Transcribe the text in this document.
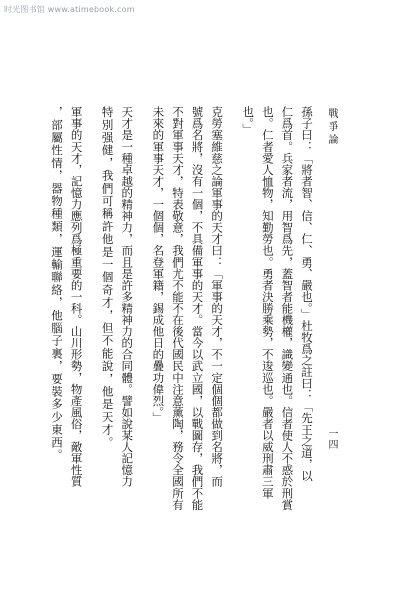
时光图书馆 www.atimebook.com
戰爭論
一四
孫子曰：「將者智、信、仁、勇、嚴也。」杜牧爲之註曰：「先王之道，以
仁爲首。兵家者流，用智爲先，蓋智者能機權，識變通也。信者使人不惑於刑賞
也。仁者愛人恤物，知勤勞也。勇者決勝乘勢，不逡巡也。嚴者以威刑肅三軍
也。」
克勞塞維慈之論軍事的天才曰：「軍事的天才，不一定個個都做到名將，而
號爲名將，沒有一個，不具備軍事的天才。當今以武立國，以戰圖存，我們不能
不對軍事天才，特表敬意，我們尤不能不在後代國民中注意薰陶，務令全國所有
未來的軍事天才，一個個，名登軍籍，錫成他日的疊功偉烈。」
天才是一種卓越的精神力，而且是許多精神力的合同體。譬如說某人記憶力
特別强健，我們可稱許他是一個奇才，但不能說，他是天才。
軍事的天才，記憶力應列爲極重要的一科。山川形勢，物產風俗，敵軍性質
，部屬性情，器物種類，運輸聯絡，他腦子裏，要裝多少東西。
